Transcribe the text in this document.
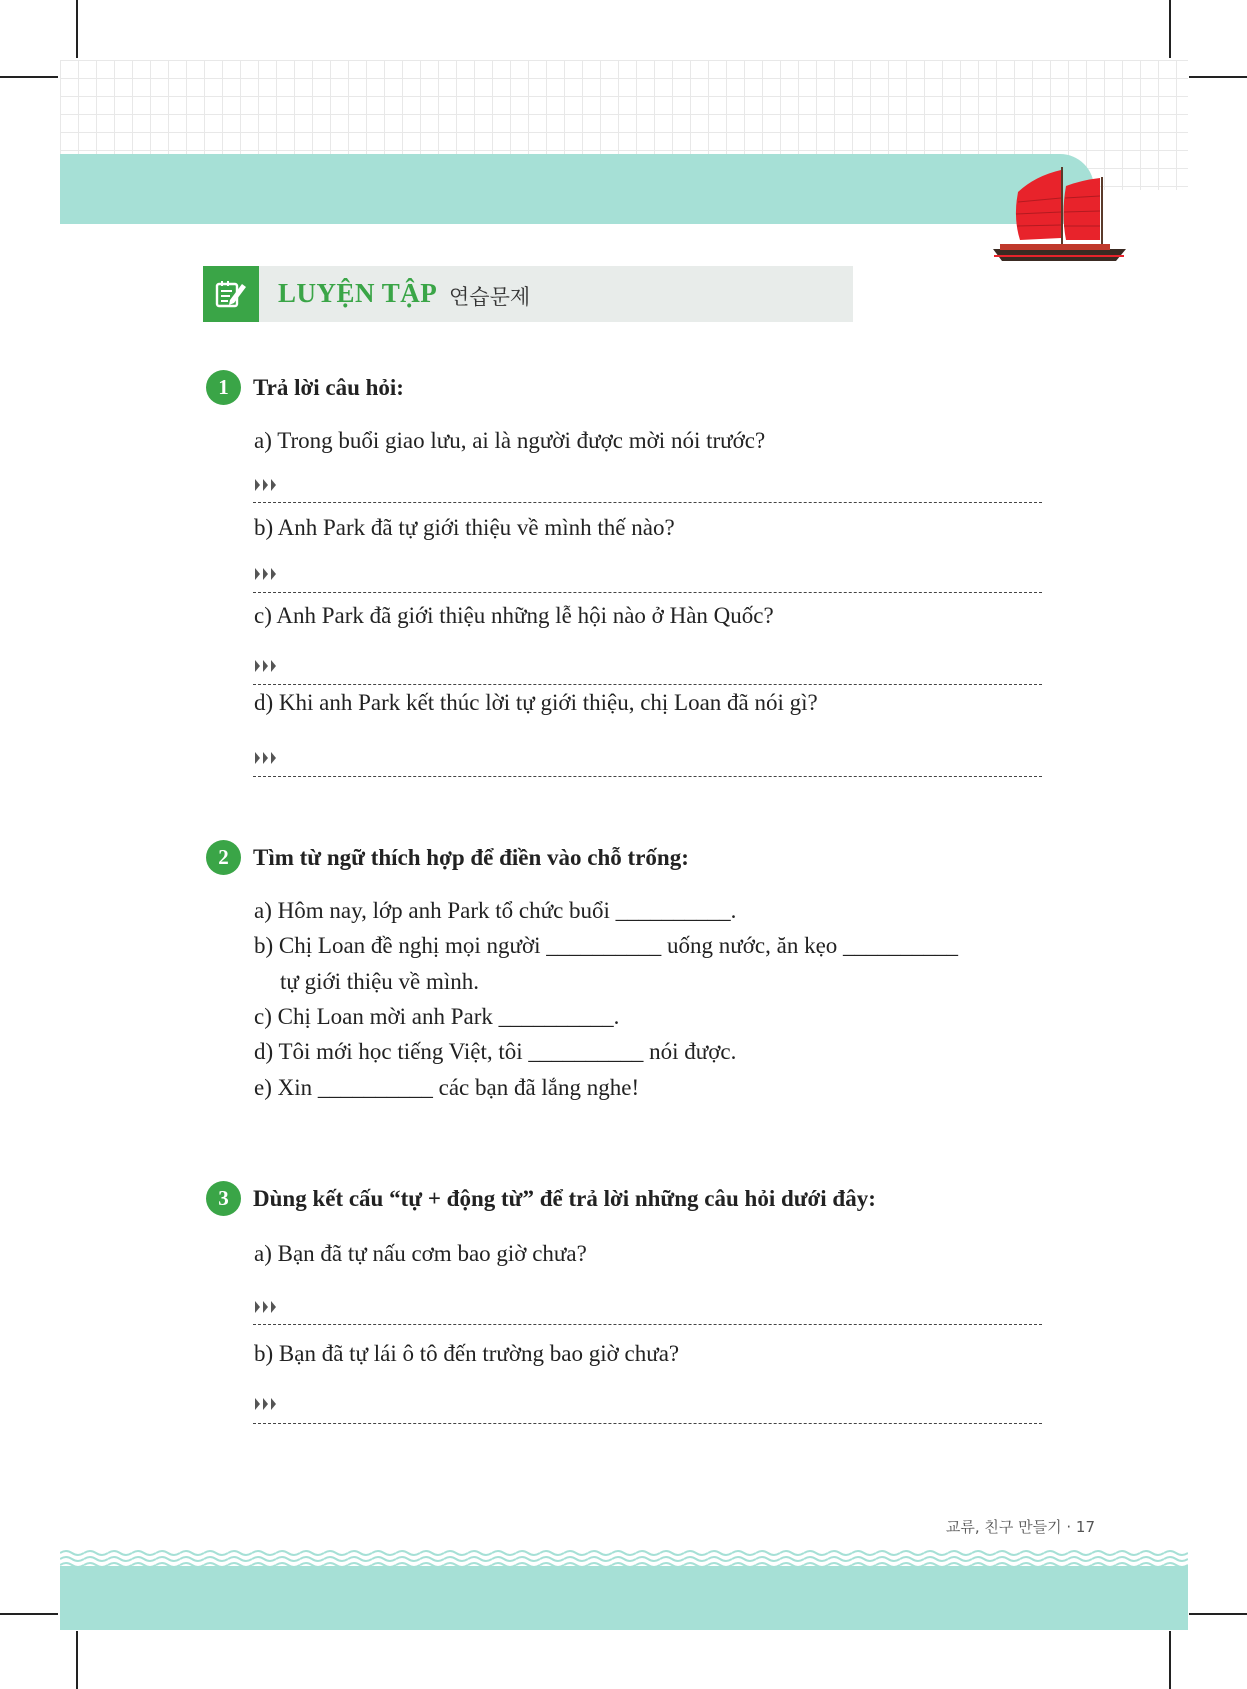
LUYỆN TẬP 연습문제
1	Trả lời câu hỏi:
a) Trong buổi giao lưu, ai là người được mời nói trước?
b) Anh Park đã tự giới thiệu về mình thế nào?
c) Anh Park đã giới thiệu những lễ hội nào ở Hàn Quốc?
d) Khi anh Park kết thúc lời tự giới thiệu, chị Loan đã nói gì?
2	Tìm từ ngữ thích hợp để điền vào chỗ trống:
a) Hôm nay, lớp anh Park tổ chức buổi __________.
b) Chị Loan đề nghị mọi người __________ uống nước, ăn kẹo __________
tự giới thiệu về mình.
c) Chị Loan mời anh Park __________.
d) Tôi mới học tiếng Việt, tôi __________ nói được.
e) Xin __________ các bạn đã lắng nghe!
3	Dùng kết cấu “tự + động từ” để trả lời những câu hỏi dưới đây:
a) Bạn đã tự nấu cơm bao giờ chưa?
b) Bạn đã tự lái ô tô đến trường bao giờ chưa?
교류, 친구 만들기 · 17
